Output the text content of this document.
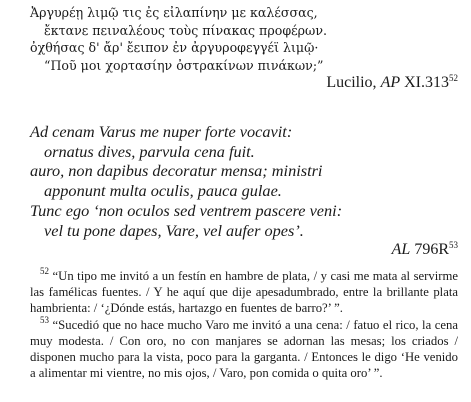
Ἀργυρέῃ λιμῷ τις ἐς εἰλαπίνην με καλέσσας,
ἔκτανε πειναλέους τοὺς πίνακας προφέρων.
ὀχθήσας δ' ἄρ' ἔειπον ἐν ἀργυροφεγγέϊ λιμῷ·
“Ποῦ μοι χορτασίην ὀστρακίνων πινάκων;”
Lucilio, AP XI.313$^{52}$
Ad cenam Varus me nuper forte vocavit:
ornatus dives, parvula cena fuit.
auro, non dapibus decoratur mensa; ministri
apponunt multa oculis, pauca gulae.
Tunc ego ‘non oculos sed ventrem pascere veni:
vel tu pone dapes, Vare, vel aufer opes’.
AL $796R^{53}$

$^{52}$ “Un tipo me invitó a un festín en hambre de plata, / y casi me mata al servirme las famélicas fuentes. / Y he aquí que dije apesadumbrado, entre la brillante plata hambrienta: / ‘¿Dónde estás, hartazgo en fuentes de barro?’ ”.

$^{53}$ “Sucedió que no hace mucho Varo me invitó a una cena: / fatuo el rico, la cena muy modesta. / Con oro, no con manjares se adornan las mesas; los criados / disponen mucho para la vista, poco para la garganta. / Entonces le digo ‘He venido a alimentar mi vientre, no mis ojos, / Varo, pon comida o quita oro’ ”.
